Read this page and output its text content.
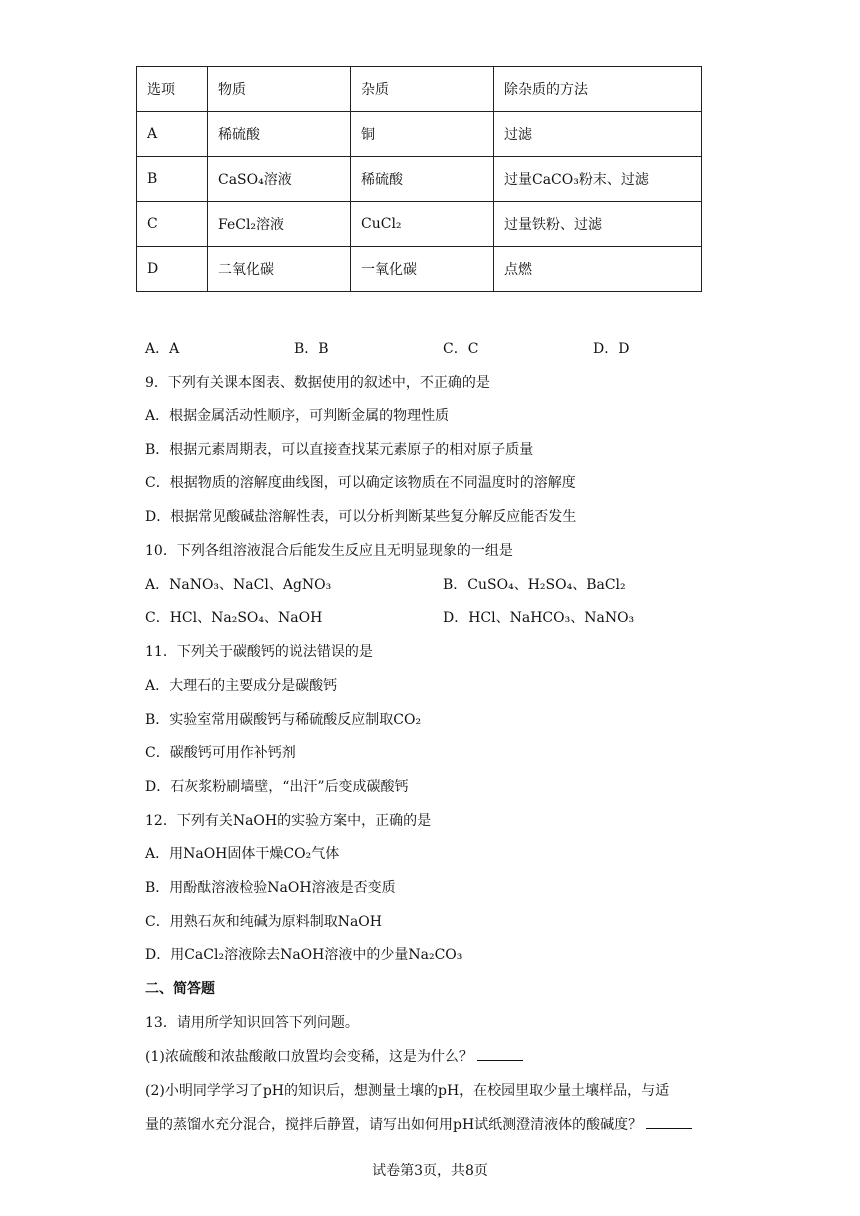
选项	物质	杂质	除杂质的方法
A	稀硫酸	铜	过滤
B	CaSO₄溶液	稀硫酸	过量CaCO₃粉末、过滤
C	FeCl₂溶液	CuCl₂	过量铁粉、过滤
D	二氧化碳	一氧化碳	点燃
A．A	B．B	C．C	D．D
9．下列有关课本图表、数据使用的叙述中，不正确的是
A．根据金属活动性顺序，可判断金属的物理性质
B．根据元素周期表，可以直接查找某元素原子的相对原子质量
C．根据物质的溶解度曲线图，可以确定该物质在不同温度时的溶解度
D．根据常见酸碱盐溶解性表，可以分析判断某些复分解反应能否发生
10．下列各组溶液混合后能发生反应且无明显现象的一组是
A．NaNO₃、NaCl、AgNO₃	B．CuSO₄、H₂SO₄、BaCl₂
C．HCl、Na₂SO₄、NaOH	D．HCl、NaHCO₃、NaNO₃
11．下列关于碳酸钙的说法错误的是
A．大理石的主要成分是碳酸钙
B．实验室常用碳酸钙与稀硫酸反应制取CO₂
C．碳酸钙可用作补钙剂
D．石灰浆粉刷墙壁，“出汗”后变成碳酸钙
12．下列有关NaOH的实验方案中，正确的是
A．用NaOH固体干燥CO₂气体
B．用酚酞溶液检验NaOH溶液是否变质
C．用熟石灰和纯碱为原料制取NaOH
D．用CaCl₂溶液除去NaOH溶液中的少量Na₂CO₃
二、简答题
13．请用所学知识回答下列问题。
(1)浓硫酸和浓盐酸敞口放置均会变稀，这是为什么？
(2)小明同学学习了pH的知识后，想测量土壤的pH，在校园里取少量土壤样品，与适
量的蒸馏水充分混合，搅拌后静置，请写出如何用pH试纸测澄清液体的酸碱度？
试卷第3页，共8页
